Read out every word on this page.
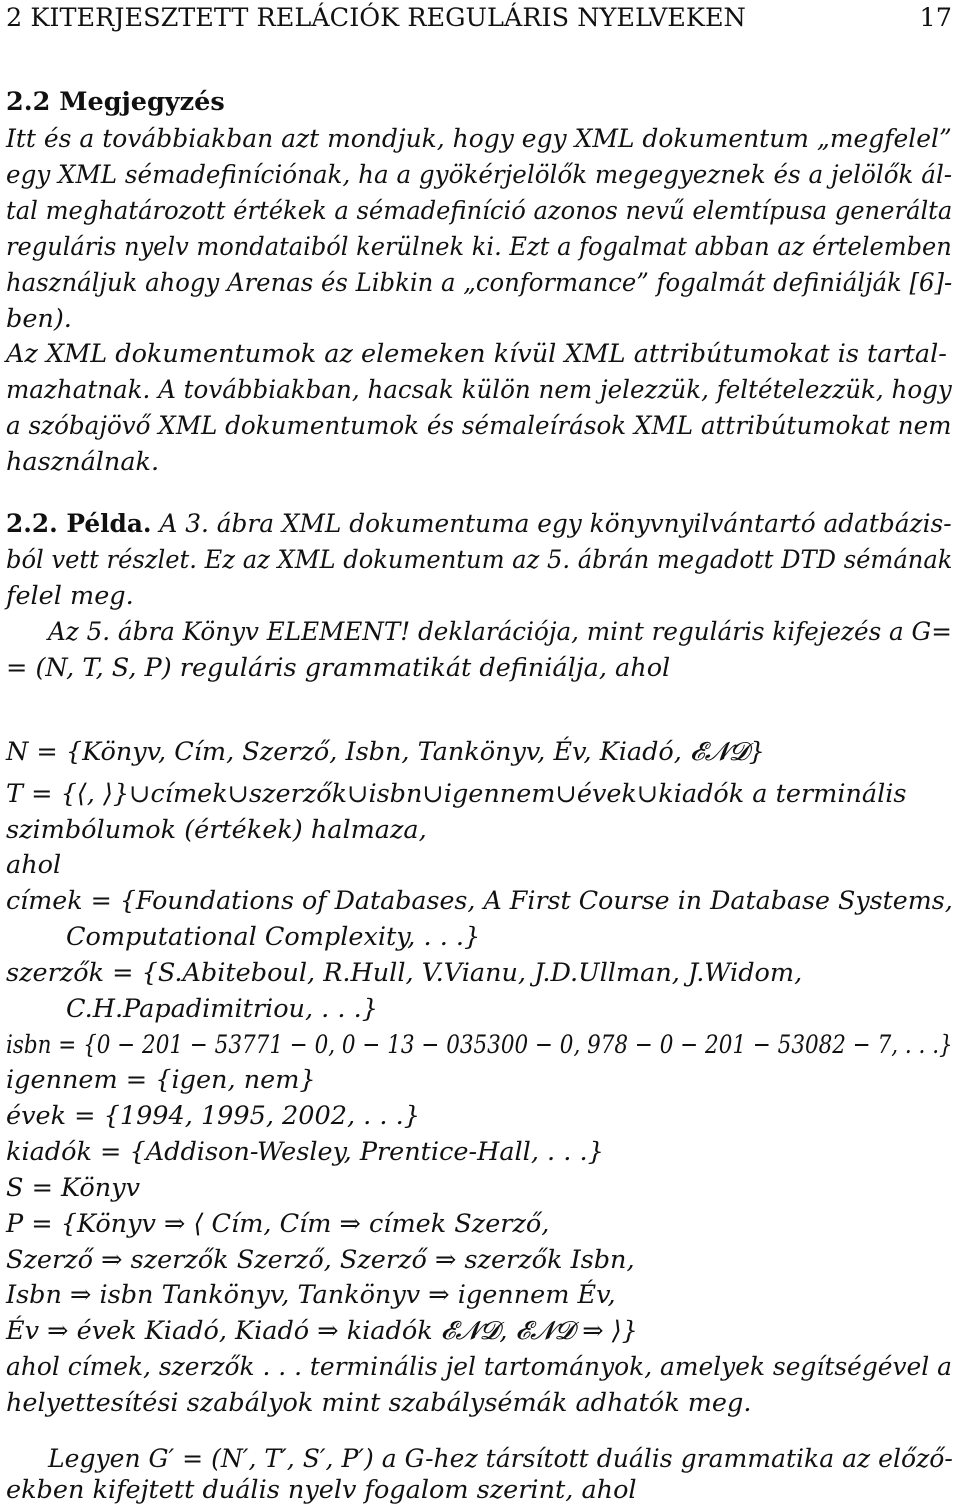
2 KITERJESZTETT RELÁCIÓK REGULÁRIS NYELVEKEN	17
2.2 Megjegyzés
Itt és a továbbiakban azt mondjuk, hogy egy XML dokumentum „megfelel”
egy XML sémadefiníciónak, ha a gyökérjelölők megegyeznek és a jelölők ál-
tal meghatározott értékek a sémadefiníció azonos nevű elemtípusa generálta
reguláris nyelv mondataiból kerülnek ki. Ezt a fogalmat abban az értelemben
használjuk ahogy Arenas és Libkin a „conformance” fogalmát definiálják [6]-
ben).
Az XML dokumentumok az elemeken kívül XML attribútumokat is tartal-
mazhatnak. A továbbiakban, hacsak külön nem jelezzük, feltételezzük, hogy
a szóbajövő XML dokumentumok és sémaleírások XML attribútumokat nem
használnak.
2.2. Példa. A 3. ábra XML dokumentuma egy könyvnyilvántartó adatbázis-
ból vett részlet. Ez az XML dokumentum az 5. ábrán megadott DTD sémának
felel meg.
Az 5. ábra Könyv ELEMENT! deklarációja, mint reguláris kifejezés a G=
= (N, T, S, P) reguláris grammatikát definiálja, ahol
N = {Könyv, Cím, Szerző, Isbn, Tankönyv, Év, Kiadó, 𝓔𝓝𝓓}
T = {⟨, ⟩}∪címek∪szerzők∪isbn∪igennem∪évek∪kiadók a terminális
szimbólumok (értékek) halmaza,
ahol
címek = {Foundations of Databases, A First Course in Database Systems,
Computational Complexity, . . .}
szerzők = {S.Abiteboul, R.Hull, V.Vianu, J.D.Ullman, J.Widom,
C.H.Papadimitriou, . . .}
isbn = {0 − 201 − 53771 − 0, 0 − 13 − 035300 − 0, 978 − 0 − 201 − 53082 − 7, . . .}
igennem = {igen, nem}
évek = {1994, 1995, 2002, . . .}
kiadók = {Addison-Wesley, Prentice-Hall, . . .}
S = Könyv
P = {Könyv ⇒ ⟨ Cím, Cím ⇒ címek Szerző,
Szerző ⇒ szerzők Szerző, Szerző ⇒ szerzők Isbn,
Isbn ⇒ isbn Tankönyv, Tankönyv ⇒ igennem Év,
Év ⇒ évek Kiadó, Kiadó ⇒ kiadók 𝓔𝓝𝓓, 𝓔𝓝𝓓 ⇒ ⟩}
ahol címek, szerzők . . . terminális jel tartományok, amelyek segítségével a
helyettesítési szabályok mint szabálysémák adhatók meg.
Legyen G′ = (N′, T′, S′, P′) a G-hez társított duális grammatika az előző-
ekben kifejtett duális nyelv fogalom szerint, ahol
